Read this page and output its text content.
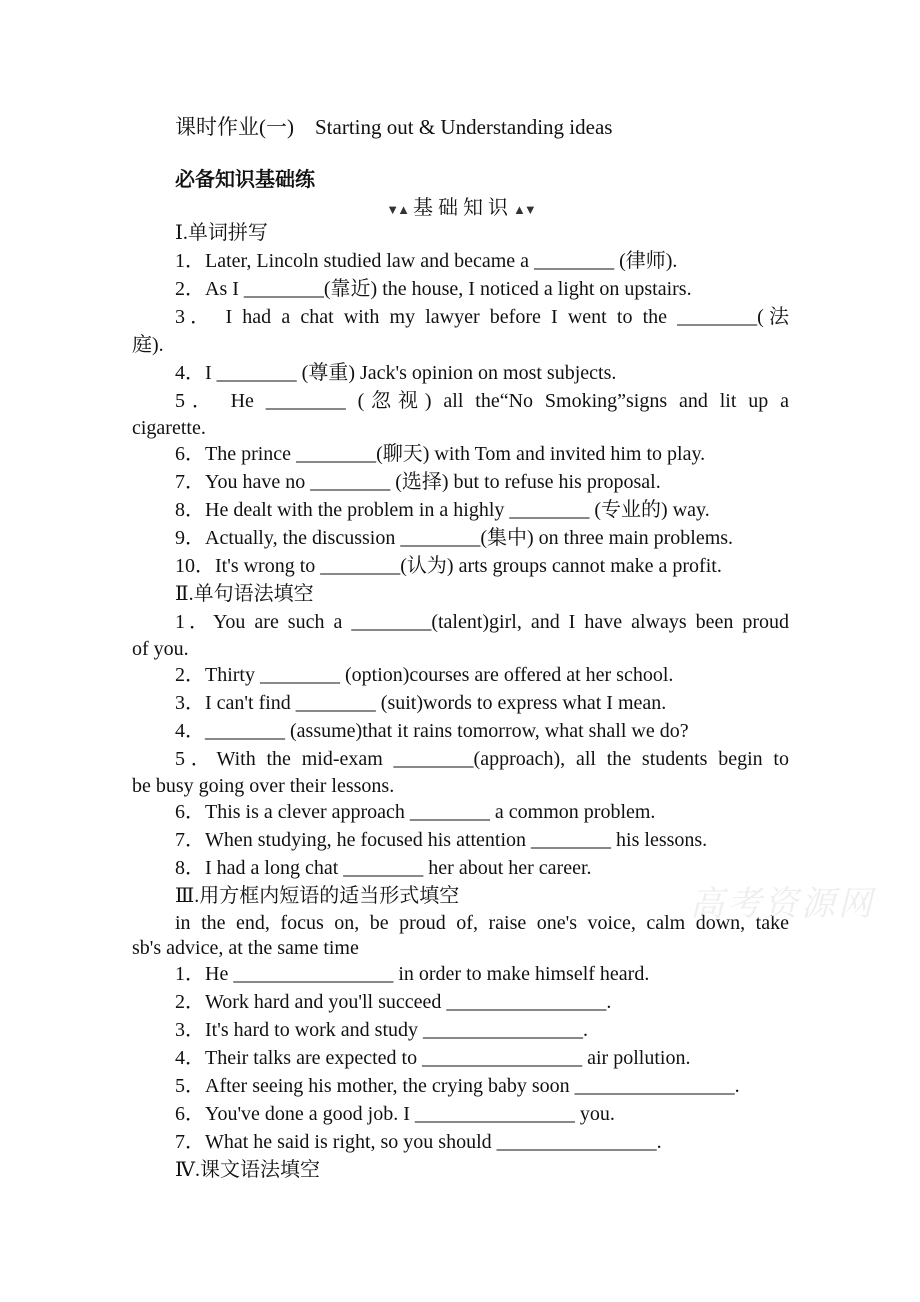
课时作业(一)　Starting out & Understanding ideas
必备知识基础练
▼▲ 基 础 知 识 ▲▼
Ⅰ.单词拼写
1．Later, Lincoln studied law and became a ________ (律师).
2．As I ________(靠近) the house, I noticed a light on upstairs.
3． I had a chat with my lawyer before I went to the ________(法
庭).
4．I ________ (尊重) Jack's opinion on most subjects.
5． He ________ (忽视) all the“No Smoking”signs and lit up a
cigarette.
6．The prince ________(聊天) with Tom and invited him to play.
7．You have no ________ (选择) but to refuse his proposal.
8．He dealt with the problem in a highly ________ (专业的) way.
9．Actually, the discussion ________(集中) on three main problems.
10．It's wrong to ________(认为) arts groups cannot make a profit.
Ⅱ.单句语法填空
1．You are such a ________(talent)girl, and I have always been proud
of you.
2．Thirty ________ (option)courses are offered at her school.
3．I can't find ________ (suit)words to express what I mean.
4．________ (assume)that it rains tomorrow, what shall we do?
5．With the mid-exam ________(approach), all the students begin to
be busy going over their lessons.
6．This is a clever approach ________ a common problem.
7．When studying, he focused his attention ________ his lessons.
8．I had a long chat ________ her about her career.
Ⅲ.用方框内短语的适当形式填空
in the end, focus on, be proud of, raise one's voice, calm down, take
sb's advice, at the same time
1．He ________________ in order to make himself heard.
2．Work hard and you'll succeed ________________.
3．It's hard to work and study ________________.
4．Their talks are expected to ________________ air pollution.
5．After seeing his mother, the crying baby soon ________________.
6．You've done a good job. I ________________ you.
7．What he said is right, so you should ________________.
Ⅳ.课文语法填空
高考资源网
